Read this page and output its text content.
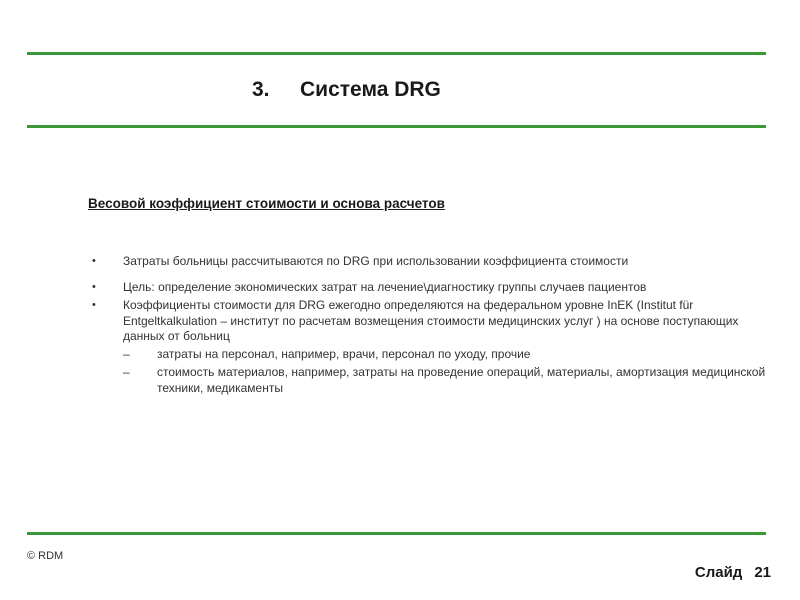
3. Система DRG
Весовой коэффициент стоимости и основа расчетов
• Затраты больницы рассчитываются по DRG при использовании коэффициента стоимости
• Цель: определение экономических затрат на лечение\диагностику группы случаев пациентов
• Коэффициенты стоимости для DRG ежегодно определяются на федеральном уровне InEK (Institut für Entgeltkalkulation – институт по расчетам возмещения стоимости медицинских услуг ) на основе поступающих данных от больниц
– затраты на персонал, например, врачи, персонал по уходу, прочие
– стоимость материалов, например, затраты на проведение операций, материалы, амортизация медицинской техники, медикаменты
© RDM
Слайд 21
